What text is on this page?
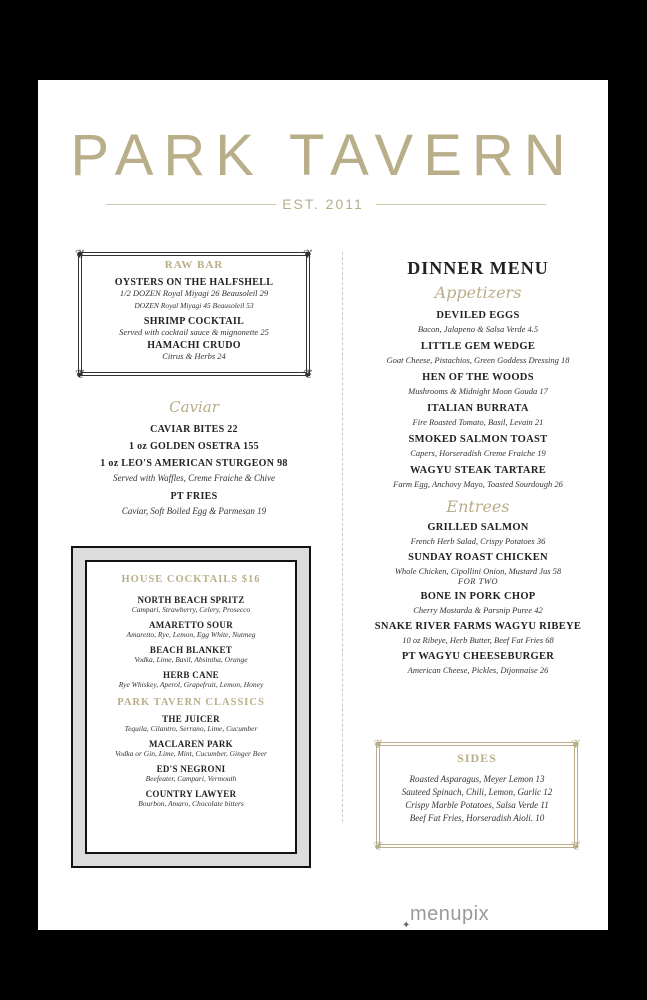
PARK TAVERN
EST. 2011
❦	❦
❦	❦
RAW BAR
OYSTERS ON THE HALFSHELL
1/2 DOZEN Royal Miyagi 26 Beausoleil 29
DOZEN Royal Miyagi 45 Beausoleil 53
SHRIMP COCKTAIL
Served with cocktail sauce & mignonette 25
HAMACHI CRUDO
Citrus & Herbs 24
Caviar
CAVIAR BITES 22
1 oz GOLDEN OSETRA 155
1 oz LEO'S AMERICAN STURGEON 98
Served with Waffles, Creme Fraiche & Chive
PT FRIES
Caviar, Soft Boiled Egg & Parmesan 19
HOUSE COCKTAILS $16
NORTH BEACH SPRITZ
Campari, Strawberry, Celery, Prosecco
AMARETTO SOUR
Amaretto, Rye, Lemon, Egg White, Nutmeg
BEACH BLANKET
Vodka, Lime, Basil, Absintha, Orange
HERB CANE
Rye Whiskey, Aperol, Grapefruit, Lemon, Honey
PARK TAVERN CLASSICS
THE JUICER
Tequila, Cilantro, Serrano, Lime, Cucumber
MACLAREN PARK
Vodka or Gin, Lime, Mint, Cucumber, Ginger Beer
ED'S NEGRONI
Beefeater, Campari, Vermouth
COUNTRY LAWYER
Bourbon, Amaro, Chocolate bitters
DINNER MENU
Appetizers
DEVILED EGGS
Bacon, Jalapeno & Salsa Verde 4.5
LITTLE GEM WEDGE
Goat Cheese, Pistachios, Green Goddess Dressing 18
HEN OF THE WOODS
Mushrooms & Midnight Moon Gouda 17
ITALIAN BURRATA
Fire Roasted Tomato, Basil, Levain 21
SMOKED SALMON TOAST
Capers, Horseradish Creme Fraiche 19
WAGYU STEAK TARTARE
Farm Egg, Anchovy Mayo, Toasted Sourdough 26
Entrees
GRILLED SALMON
French Herb Salad, Crispy Potatoes 36
SUNDAY ROAST CHICKEN
Whole Chicken, Cipollini Onion, Mustard Jus 58
FOR TWO
BONE IN PORK CHOP
Cherry Mostarda & Parsnip Puree 42
SNAKE RIVER FARMS WAGYU RIBEYE
10 oz Ribeye, Herb Butter, Beef Fat Fries 68
PT WAGYU CHEESEBURGER
American Cheese, Pickles, Dijonnaise 26
❦	❦
❦	❦
SIDES
Roasted Asparagus, Meyer Lemon 13
Sauteed Spinach, Chili, Lemon, Garlic 12
Crispy Marble Potatoes, Salsa Verde 11
Beef Fat Fries, Horseradish Aioli. 10
✦
menupix
